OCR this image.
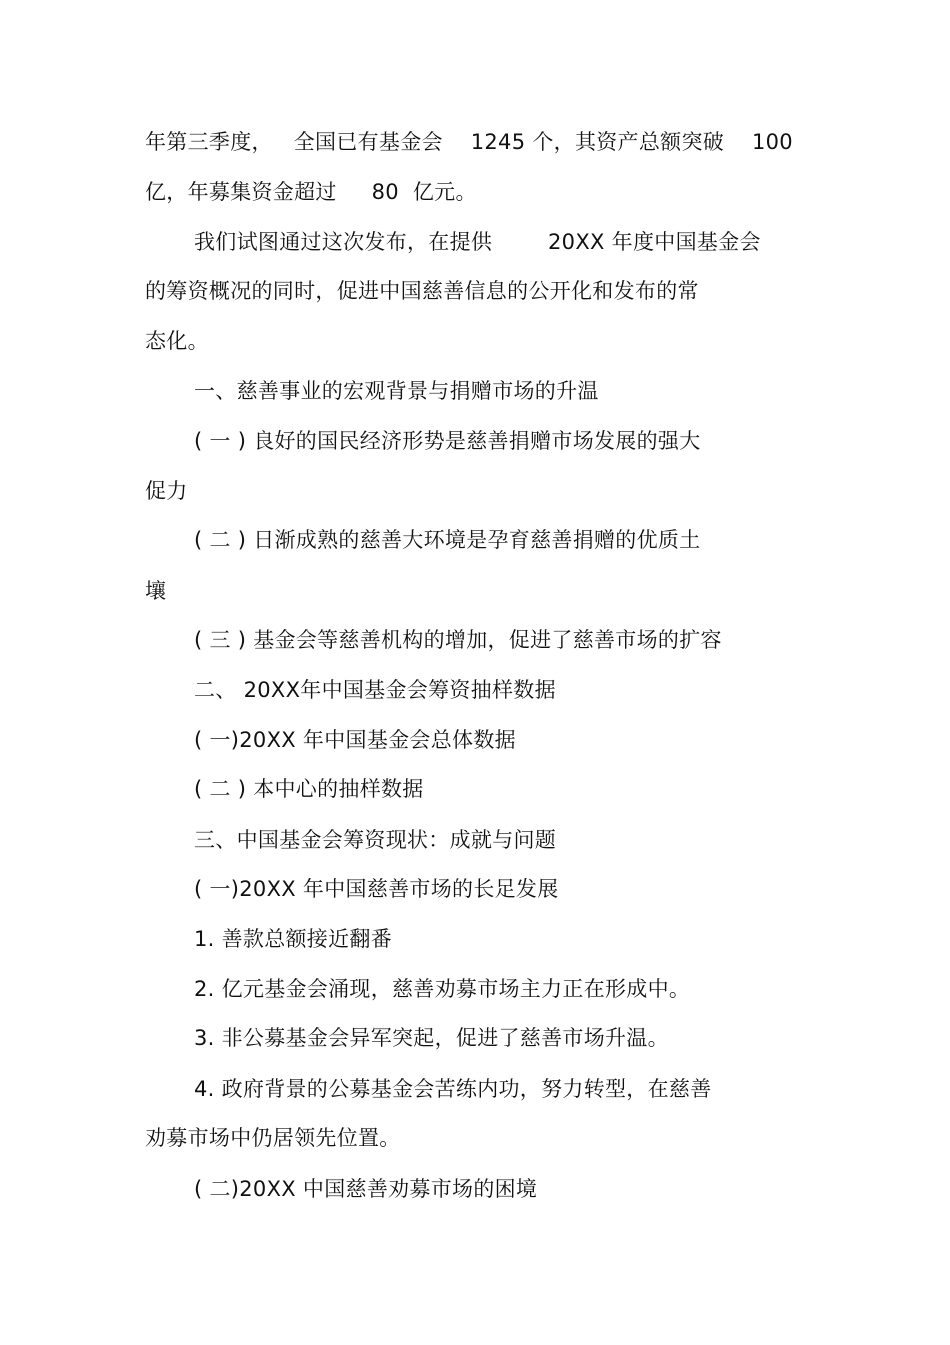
年第三季度，   全国已有基金会    1245 个，其资产总额突破    100
亿，年募集资金超过     80  亿元。
我们试图通过这次发布，在提供        20XX 年度中国基金会
的筹资概况的同时，促进中国慈善信息的公开化和发布的常
态化。
一、慈善事业的宏观背景与捐赠市场的升温
( 一 ) 良好的国民经济形势是慈善捐赠市场发展的强大
促力
( 二 ) 日渐成熟的慈善大环境是孕育慈善捐赠的优质土
壤
( 三 ) 基金会等慈善机构的增加，促进了慈善市场的扩容
二、 20XX年中国基金会筹资抽样数据
( 一)20XX 年中国基金会总体数据
( 二 ) 本中心的抽样数据
三、中国基金会筹资现状：成就与问题
( 一)20XX 年中国慈善市场的长足发展
1. 善款总额接近翻番
2. 亿元基金会涌现，慈善劝募市场主力正在形成中。
3. 非公募基金会异军突起，促进了慈善市场升温。
4. 政府背景的公募基金会苦练内功，努力转型，在慈善
劝募市场中仍居领先位置。
( 二)20XX 中国慈善劝募市场的困境
